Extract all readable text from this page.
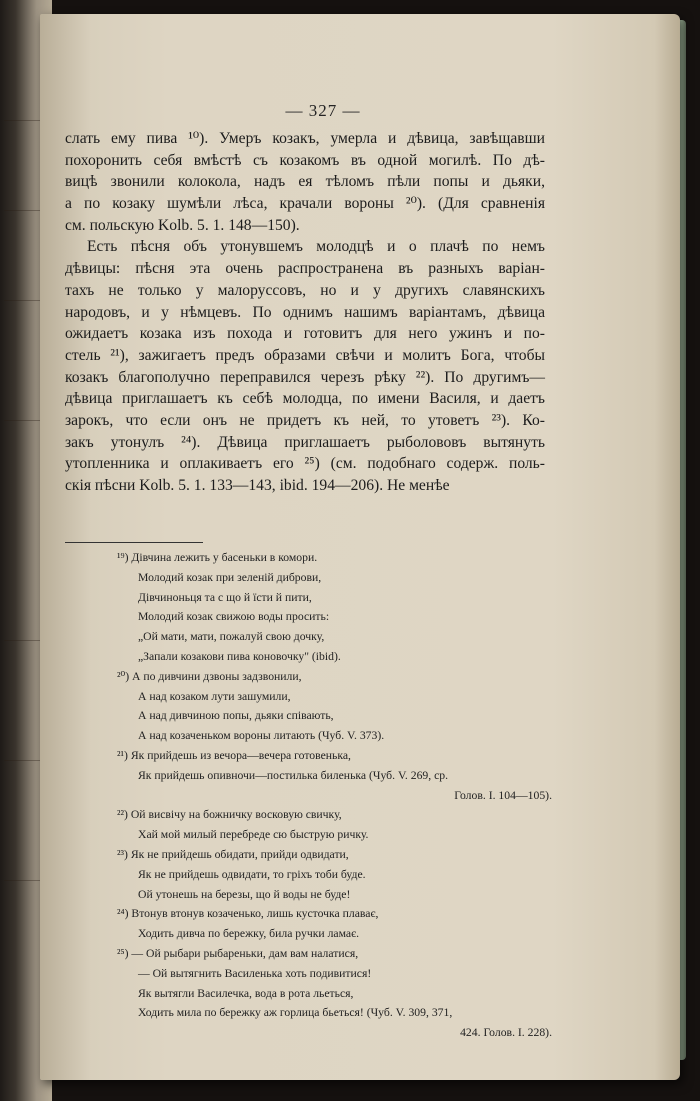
— 327 —
слать ему пива ¹⁰). Умеръ козакъ, умерла и дѣвица, завѣщавши
похоронить себя вмѣстѣ съ козакомъ въ одной могилѣ. По дѣ-
вицѣ звонили колокола, надъ ея тѣломъ пѣли попы и дьяки,
а по козаку шумѣли лѣса, крачали вороны ²⁰). (Для сравненія
см. польскую Kolb. 5. 1. 148—150).
Есть пѣсня объ утонувшемъ молодцѣ и о плачѣ по немъ
дѣвицы: пѣсня эта очень распространена въ разныхъ варіан-
тахъ не только у малоруссовъ, но и у другихъ славянскихъ
народовъ, и у нѣмцевъ. По однимъ нашимъ варіантамъ, дѣвица
ожидаетъ козака изъ похода и готовитъ для него ужинъ и по-
стель ²¹), зажигаетъ предъ образами свѣчи и молитъ Бога, чтобы
козакъ благополучно переправился черезъ рѣку ²²). По другимъ—
дѣвица приглашаетъ къ себѣ молодца, по имени Василя, и даетъ
зарокъ, что если онъ не придетъ къ ней, то утоветъ ²³). Ко-
закъ утонулъ ²⁴). Дѣвица приглашаетъ рыболововъ вытянуть
утопленника и оплакиваетъ его ²⁵) (см. подобнаго содерж. поль-
скія пѣсни Kolb. 5. 1. 133—143, ibid. 194—206). Не менѣе
¹⁹) Дівчина лежить у басеньки в комори.
Молодий козак при зеленій диброви,
Дівчиноньця та с що й їсти й пити,
Молодий козак свижою воды просить:
„Ой мати, мати, пожалуй свою дочку,
„Запали козакови пива коновочку" (ibid).
²⁰) А по дивчини дзвоны задзвонили,
А над козаком лути зашумили,
А над дивчиною попы, дьяки співають,
А над козаченьком вороны литають (Чуб. V. 373).
²¹) Як прийдешь из вечора—вечера готовенька,
Як прийдешь опивночи—постилька биленька (Чуб. V. 269, ср.
Голов. I. 104—105).
²²) Ой висвічу на божничку восковую свичку,
Хай мой милый перебреде сю быструю ричку.
²³) Як не прийдешь обидати, прийди одвидати,
Як не прийдешь одвидати, то гріхъ тоби буде.
Ой утонешь на березы, що й воды не буде!
²⁴) Втонув втонув козаченько, лишь кусточка плаває,
Ходить дивча по бережку, била ручки ламає.
²⁵) — Ой рыбари рыбареньки, дам вам налатися,
— Ой вытягнить Василенька хоть подивитися!
Як вытягли Василечка, вода в рота льеться,
Ходить мила по бережку аж горлица бьеться! (Чуб. V. 309, 371,
424. Голов. I. 228).
